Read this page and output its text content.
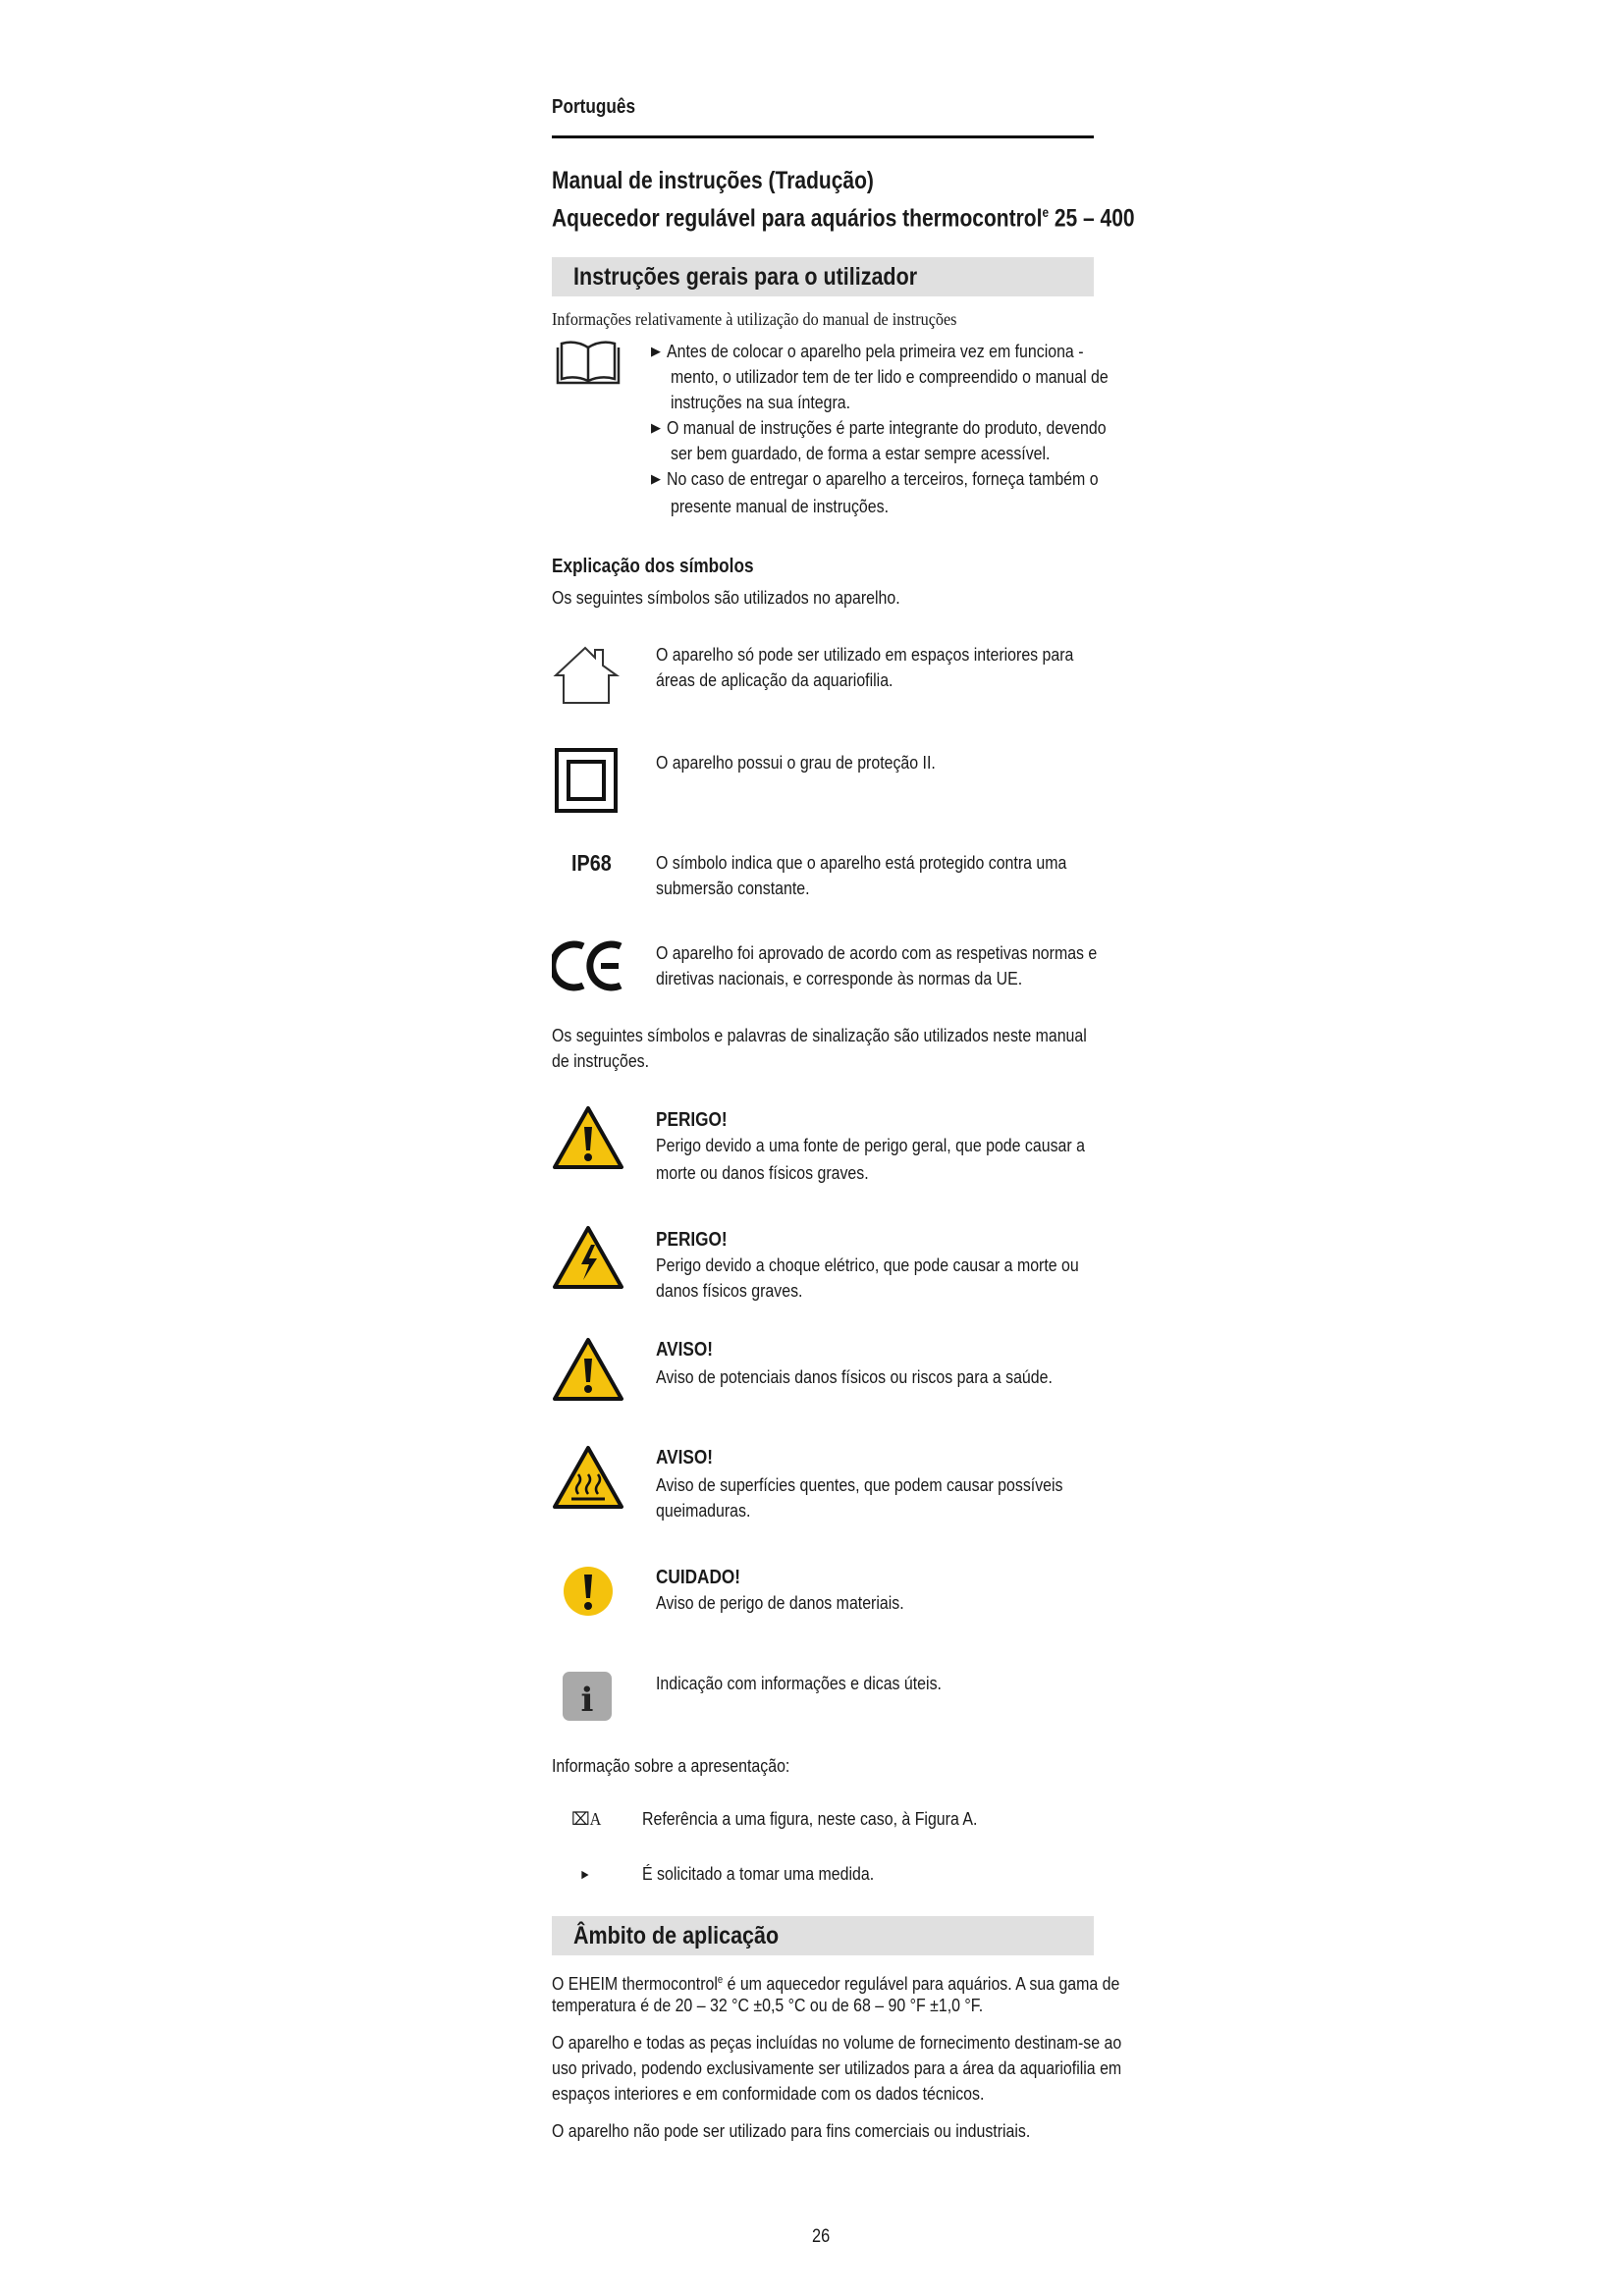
Português
Manual de instruções (Tradução)
Aquecedor regulável para aquários thermocontrol$^e$ 25 – 400
Instruções gerais para o utilizador
Informações relativamente à utilização do manual de instruções
▶ Antes de colocar o aparelho pela primeira vez em funciona -
mento, o utilizador tem de ter lido e compreendido o manual de
instruções na sua íntegra.
▶ O manual de instruções é parte integrante do produto, devendo
ser bem guardado, de forma a estar sempre acessível.
▶ No caso de entregar o aparelho a terceiros, forneça também o
presente manual de instruções.
Explicação dos símbolos
Os seguintes símbolos são utilizados no aparelho.
O aparelho só pode ser utilizado em espaços interiores para
áreas de aplicação da aquariofilia.
O aparelho possui o grau de proteção II.
IP68 O símbolo indica que o aparelho está protegido contra uma
submersão constante.
O aparelho foi aprovado de acordo com as respetivas normas e
diretivas nacionais, e corresponde às normas da UE.
Os seguintes símbolos e palavras de sinalização são utilizados neste manual
de instruções.
PERIGO!
Perigo devido a uma fonte de perigo geral, que pode causar a
morte ou danos físicos graves.
PERIGO!
Perigo devido a choque elétrico, que pode causar a morte ou
danos físicos graves.
AVISO!
Aviso de potenciais danos físicos ou riscos para a saúde.
AVISO!
Aviso de superfícies quentes, que podem causar possíveis
queimaduras.
CUIDADO!
Aviso de perigo de danos materiais.
i	Indicação com informações e dicas úteis.
Informação sobre a apresentação:
⌧A Referência a uma figura, neste caso, à Figura A.
►	É solicitado a tomar uma medida.
Âmbito de aplicação
O EHEIM thermocontrol$^e$ é um aquecedor regulável para aquários. A sua gama de
temperatura é de 20 – 32 °C ±0,5 °C ou de 68 – 90 °F ±1,0 °F.
O aparelho e todas as peças incluídas no volume de fornecimento destinam-se ao
uso privado, podendo exclusivamente ser utilizados para a área da aquariofilia em
espaços interiores e em conformidade com os dados técnicos.
O aparelho não pode ser utilizado para fins comerciais ou industriais.
26
